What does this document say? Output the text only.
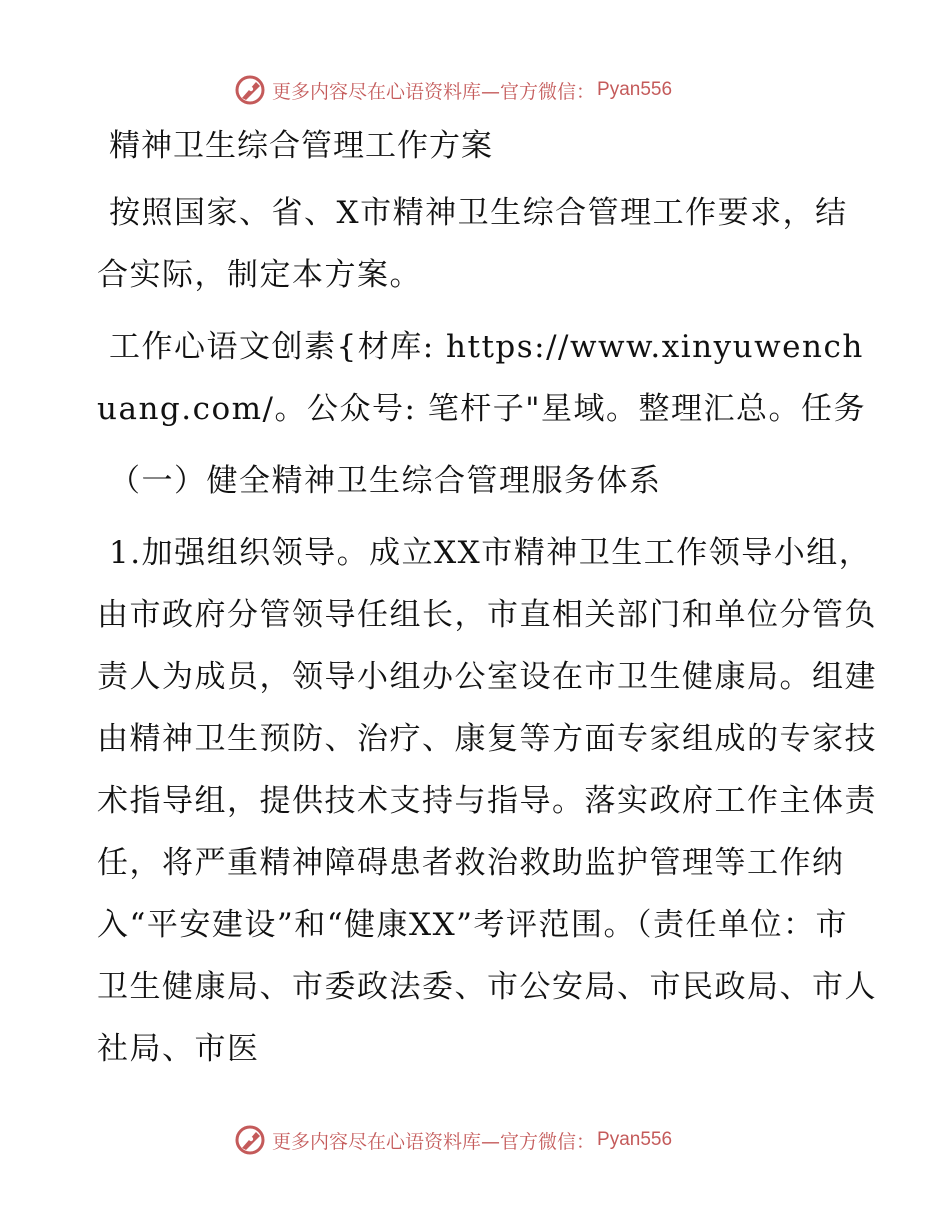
更多内容尽在心语资料库—官方微信： Pyan556
精神卫生综合管理工作方案

按照国家、省、X市精神卫生综合管理工作要求，结合实际，制定本方案。

工作心语文创素{材库: https://www.xinyuwenchuang.com/。公众号: 笔杆子"星域。整理汇总。任务

（一）健全精神卫生综合管理服务体系

1.加强组织领导。成立XX市精神卫生工作领导小组，由市政府分管领导任组长，市直相关部门和单位分管负责人为成员，领导小组办公室设在市卫生健康局。组建由精神卫生预防、治疗、康复等方面专家组成的专家技术指导组，提供技术支持与指导。落实政府工作主体责任，将严重精神障碍患者救治救助监护管理等工作纳入“平安建设”和“健康XX”考评范围。（责任单位：市卫生健康局、市委政法委、市公安局、市民政局、市人社局、市医

更多内容尽在心语资料库—官方微信： Pyan556
